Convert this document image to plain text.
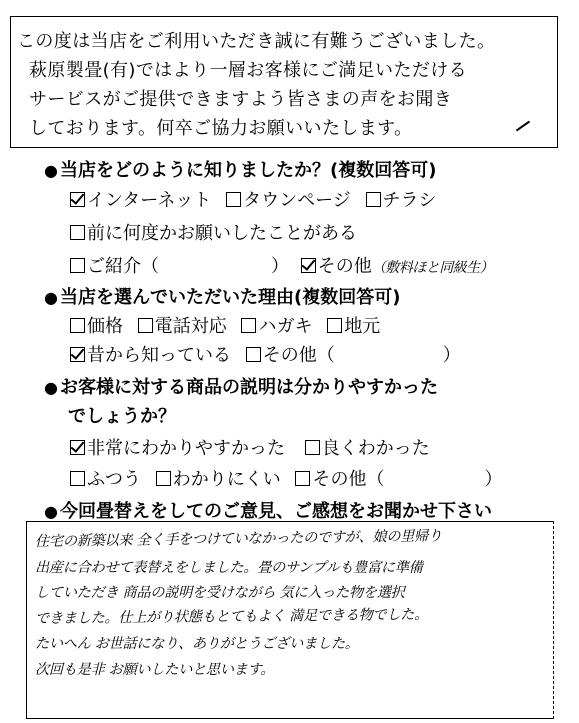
この度は当店をご利用いただき誠に有難うございました。
萩原製畳(有)ではより一層お客様にご満足いただける
サービスがご提供できますよう皆さまの声をお聞き
しております。何卒ご協力お願いいたします。
● 当店をどのように知りましたか？(複数回答可)
インターネット タウンページ チラシ
前に何度かお願いしたことがある
ご紹介（	） その他（敷料ほと同級生）
● 当店を選んでいただいた理由(複数回答可)
価格 電話対応 ハガキ 地元
昔から知っている その他（	）
● お客様に対する商品の説明は分かりやすかった
でしょうか？
非常にわかりやすかった 良くわかった
ふつう わかりにくい その他（	）
● 今回畳替えをしてのご意見、ご感想をお聞かせ下さい
住宅の新築以来 全く手をつけていなかったのですが、娘の里帰り
出産に合わせて表替えをしました。畳のサンプルも豊富に準備
していただき 商品の説明を受けながら 気に入った物を選択
できました。仕上がり状態もとてもよく 満足できる物でした。
たいへん お世話になり、ありがとうございました。
次回も是非 お願いしたいと思います。
